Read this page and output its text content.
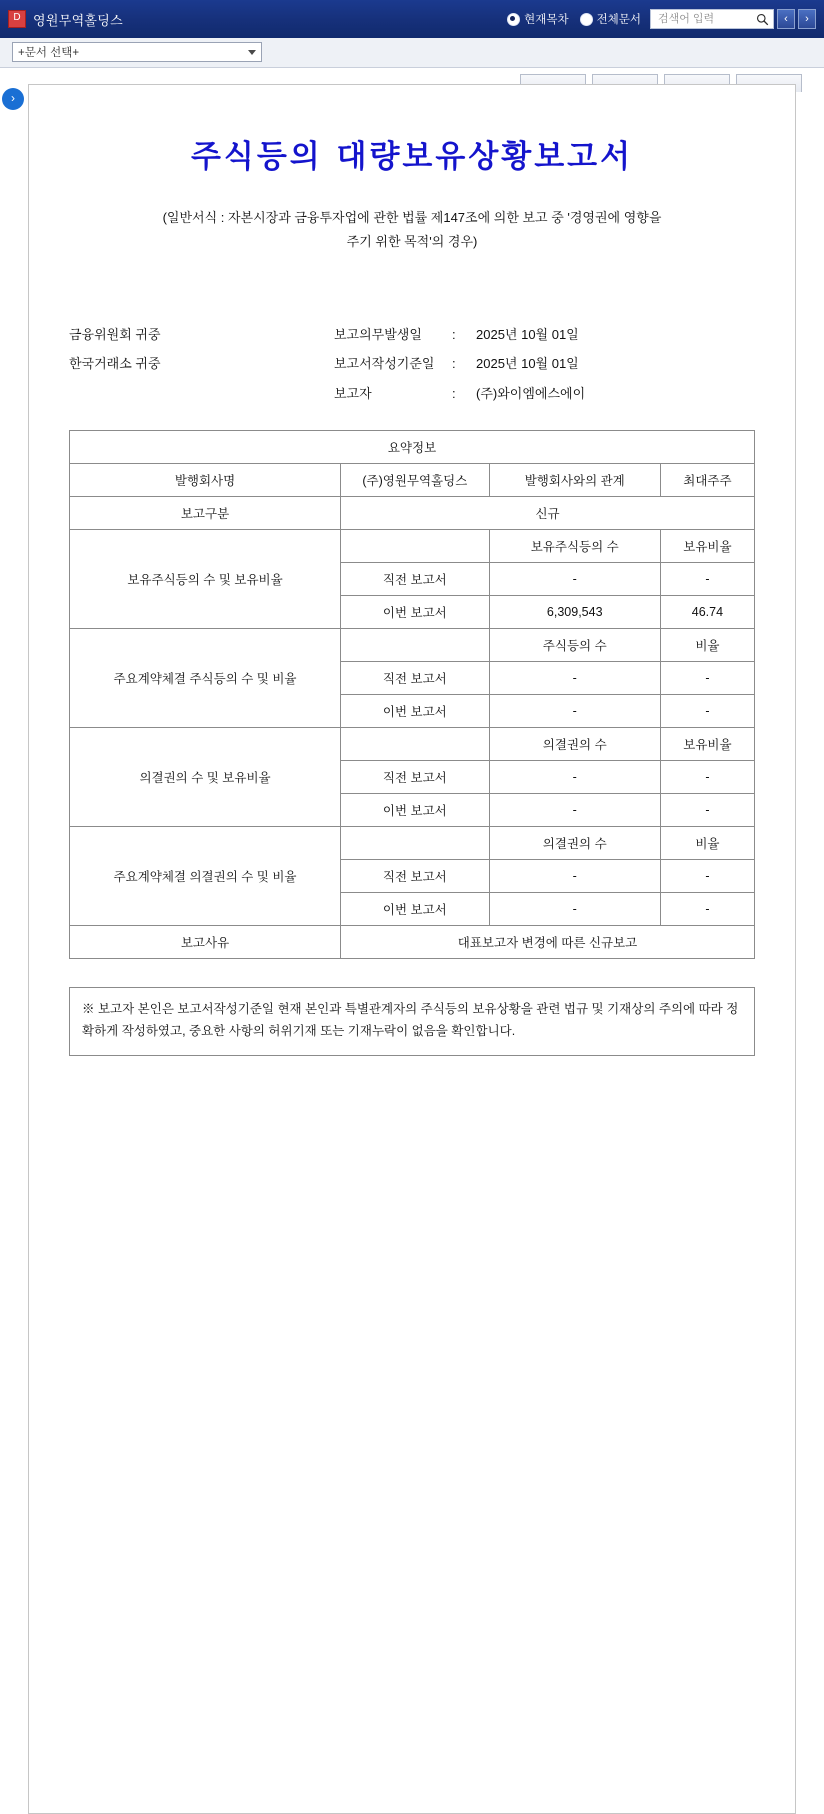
D 영원무역홀딩스	현재목차 전체문서
검색어 입력	‹	›
+문서 선택+
›
주식등의 대량보유상황보고서
(일반서식 : 자본시장과 금융투자업에 관한 법률 제147조에 의한 보고 중 '경영권에 영향을
주기 위한 목적'의 경우)
금융위원회 귀중
한국거래소 귀중
보고의무발생일	:	2025년 10월 01일
보고서작성기준일	:	2025년 10월 01일
보고자	:	(주)와이엠에스에이
요약정보			
발행회사명	(주)영원무역홀딩스	발행회사와의 관계	최대주주
보고구분	신규		
보유주식등의 수 및 보유비율		보유주식등의 수	보유비율
	직전 보고서	-	-
	이번 보고서	6,309,543	46.74
주요계약체결 주식등의 수 및 비율		주식등의 수	비율
	직전 보고서	-	-
	이번 보고서	-	-
의결권의 수 및 보유비율		의결권의 수	보유비율
	직전 보고서	-	-
	이번 보고서	-	-
주요계약체결 의결권의 수 및 비율		의결권의 수	비율
	직전 보고서	-	-
	이번 보고서	-	-
보고사유	대표보고자 변경에 따른 신규보고		
※ 보고자 본인은 보고서작성기준일 현재 본인과 특별관계자의 주식등의 보유상황을 관련 법규 및 기재상의 주의에 따라 정확하게 작성하였고, 중요한 사항의 허위기재 또는 기재누락이 없음을 확인합니다.
